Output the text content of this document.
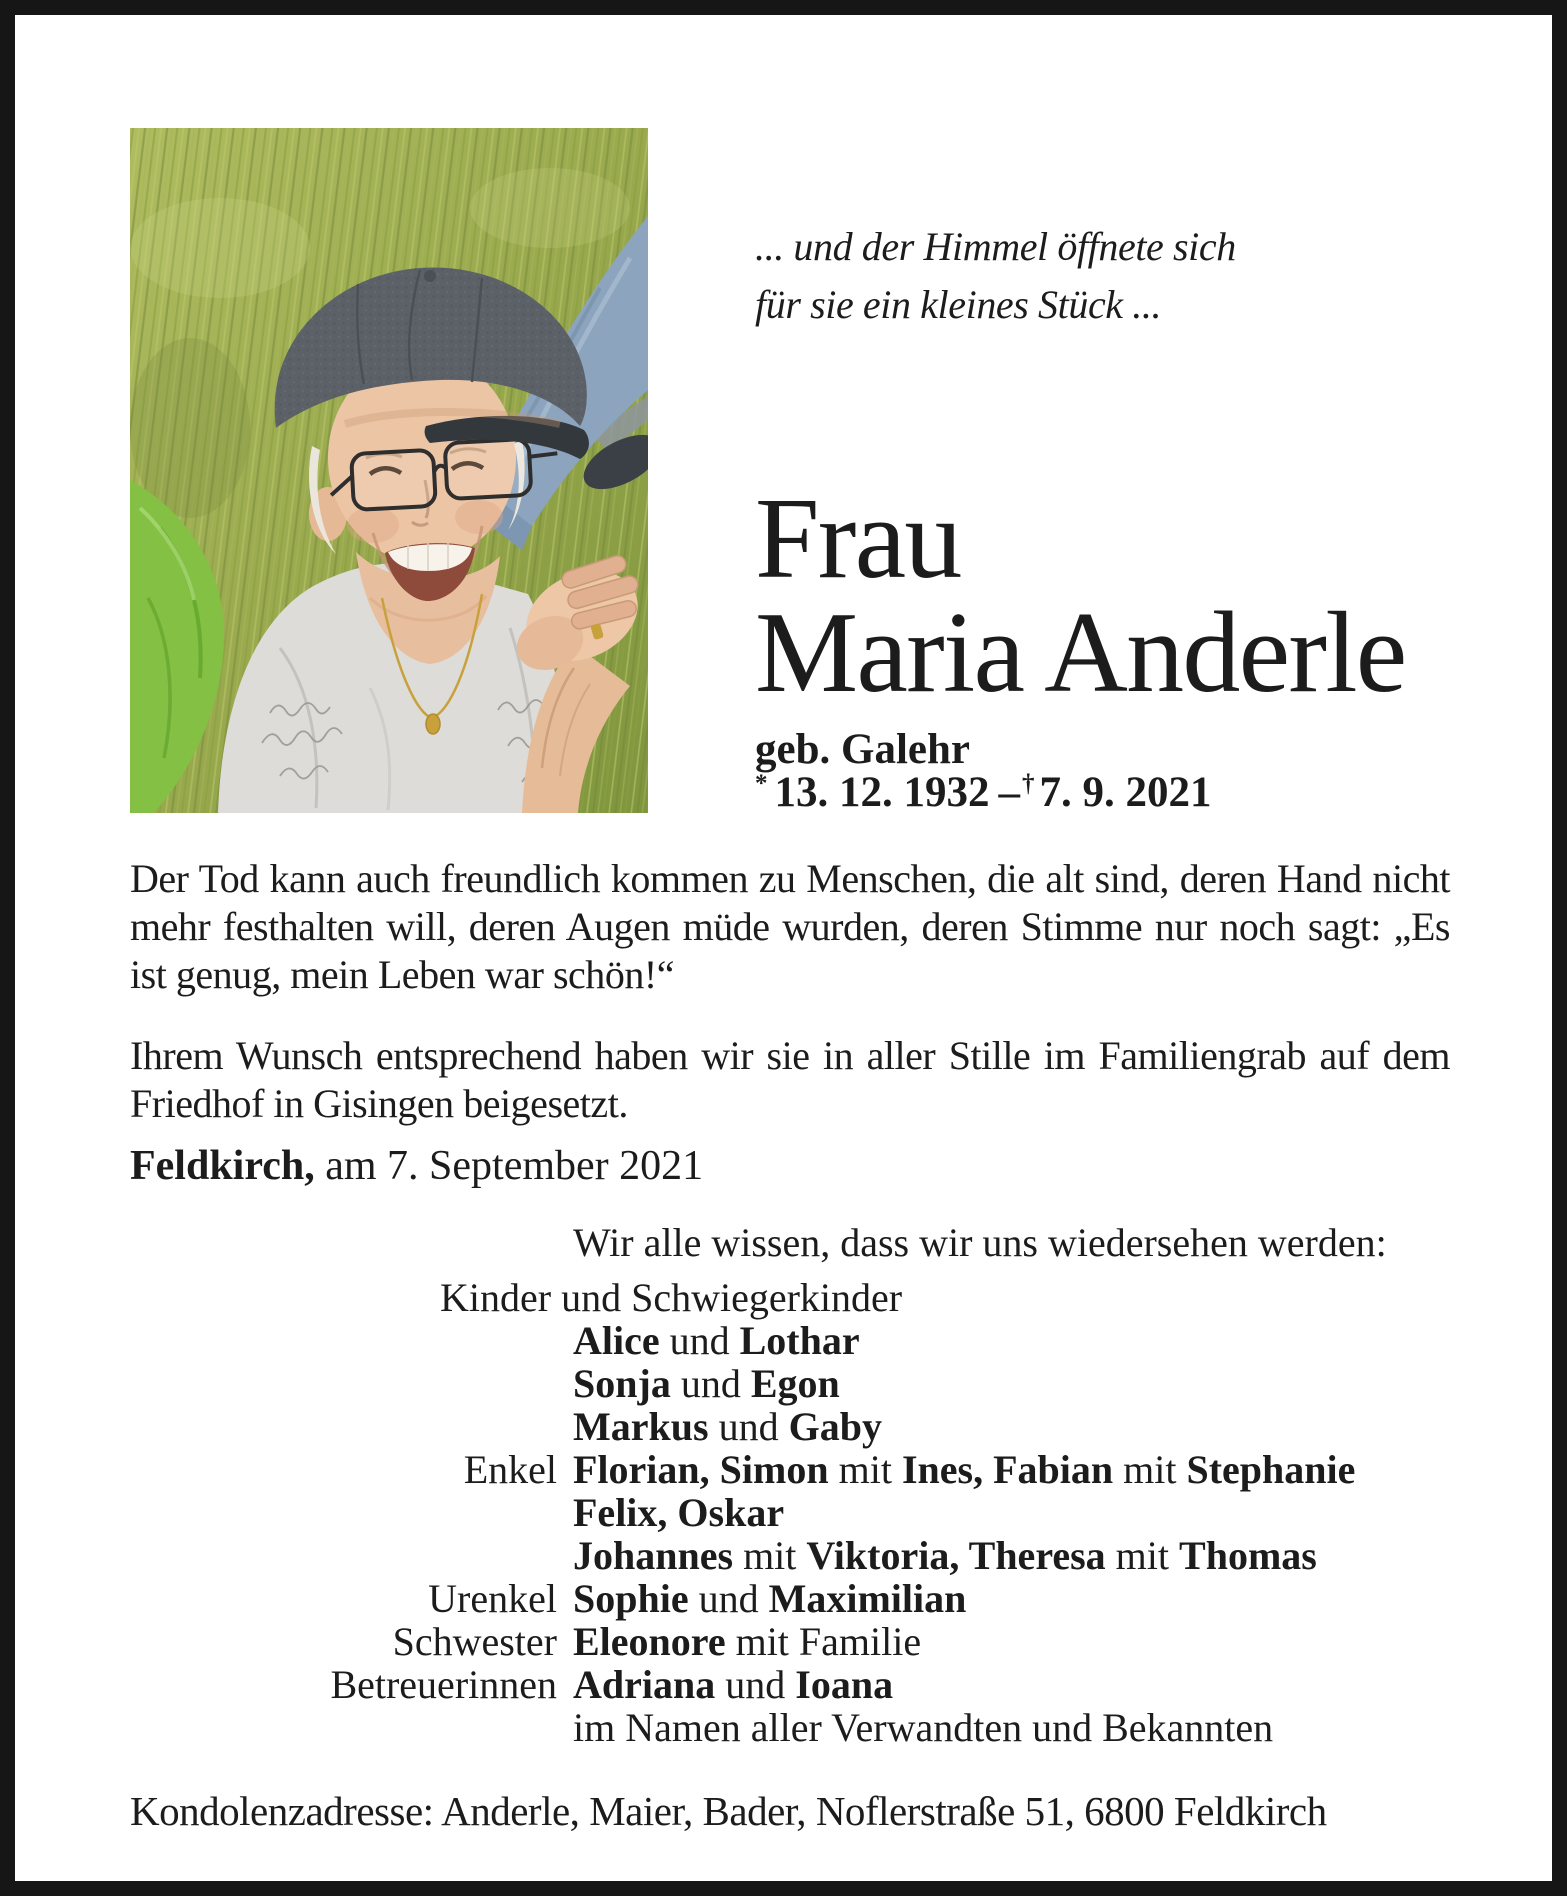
... und der Himmel öffnete sich
für sie ein kleines Stück ...
Frau
Maria Anderle
geb. Galehr
* 13. 12. 1932 –† 7. 9. 2021
Der Tod kann auch freundlich kommen zu Menschen, die alt sind, deren Hand nicht mehr festhalten will, deren Augen müde wurden, deren Stimme nur noch sagt: „Es ist genug, mein Leben war schön!“
Ihrem Wunsch entsprechend haben wir sie in aller Stille im Familiengrab auf dem Friedhof in Gisingen beigesetzt.
Feldkirch, am 7. September 2021
Wir alle wissen, dass wir uns wiedersehen werden:
Kinder und Schwiegerkinder
Alice und Lothar
Sonja und Egon
Markus und Gaby
Enkel Florian, Simon mit Ines, Fabian mit Stephanie
Felix, Oskar
Johannes mit Viktoria, Theresa mit Thomas
Urenkel Sophie und Maximilian
Schwester Eleonore mit Familie
Betreuerinnen Adriana und Ioana
im Namen aller Verwandten und Bekannten
Kondolenzadresse: Anderle, Maier, Bader, Noflerstraße 51, 6800 Feldkirch
